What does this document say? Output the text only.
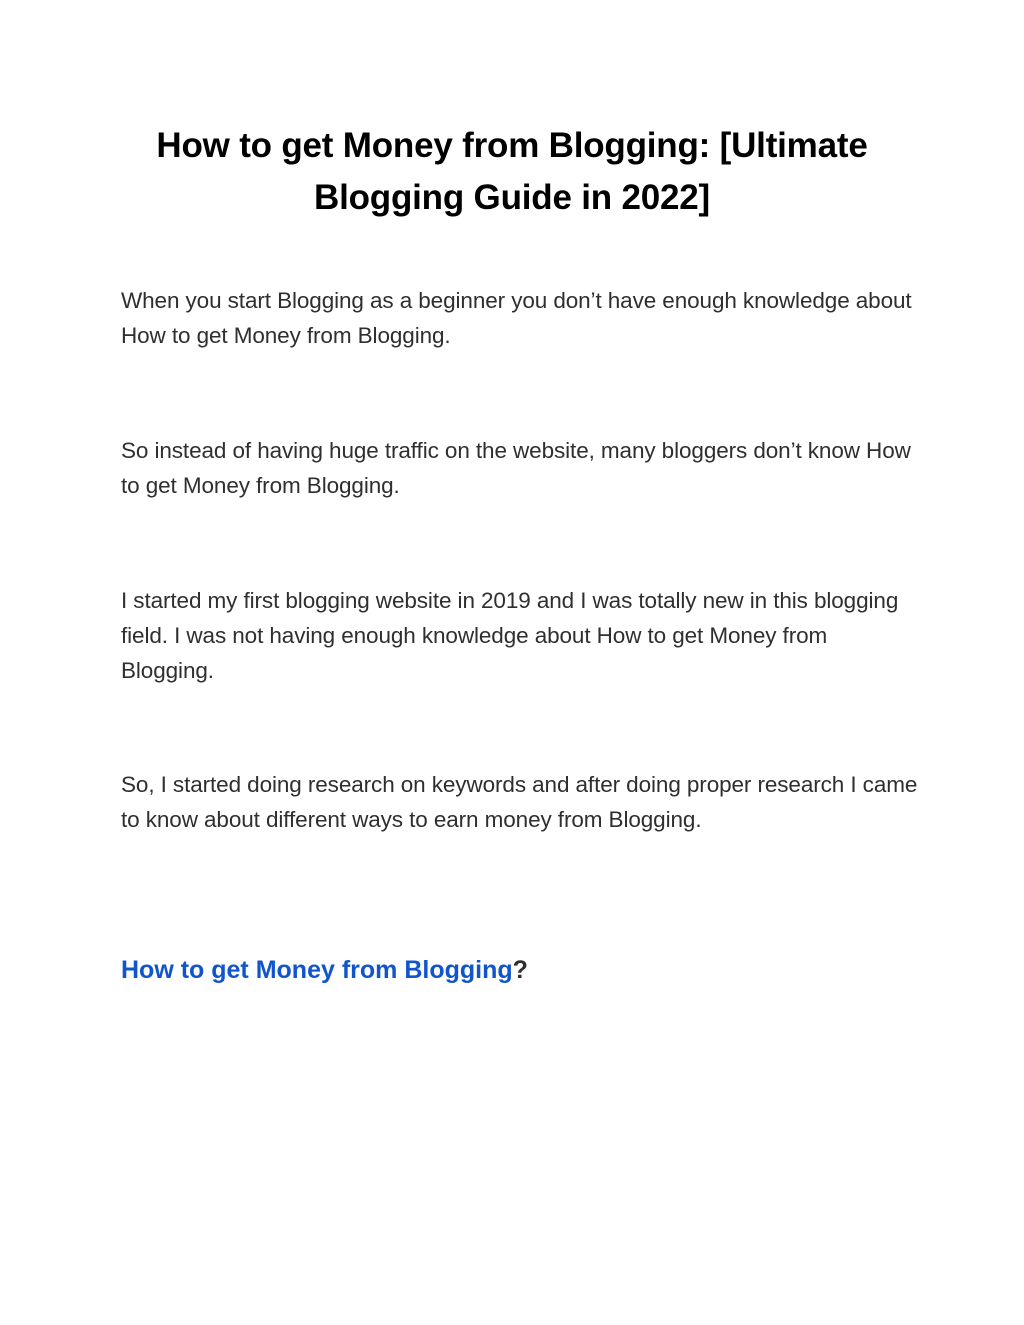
How to get Money from Blogging: [Ultimate Blogging Guide in 2022]

When you start Blogging as a beginner you don’t have enough knowledge about How to get Money from Blogging.

So instead of having huge traffic on the website, many bloggers don’t know How to get Money from Blogging.

I started my first blogging website in 2019 and I was totally new in this blogging field. I was not having enough knowledge about How to get Money from Blogging.

So, I started doing research on keywords and after doing proper research I came to know about different ways to earn money from Blogging.

How to get Money from Blogging?
